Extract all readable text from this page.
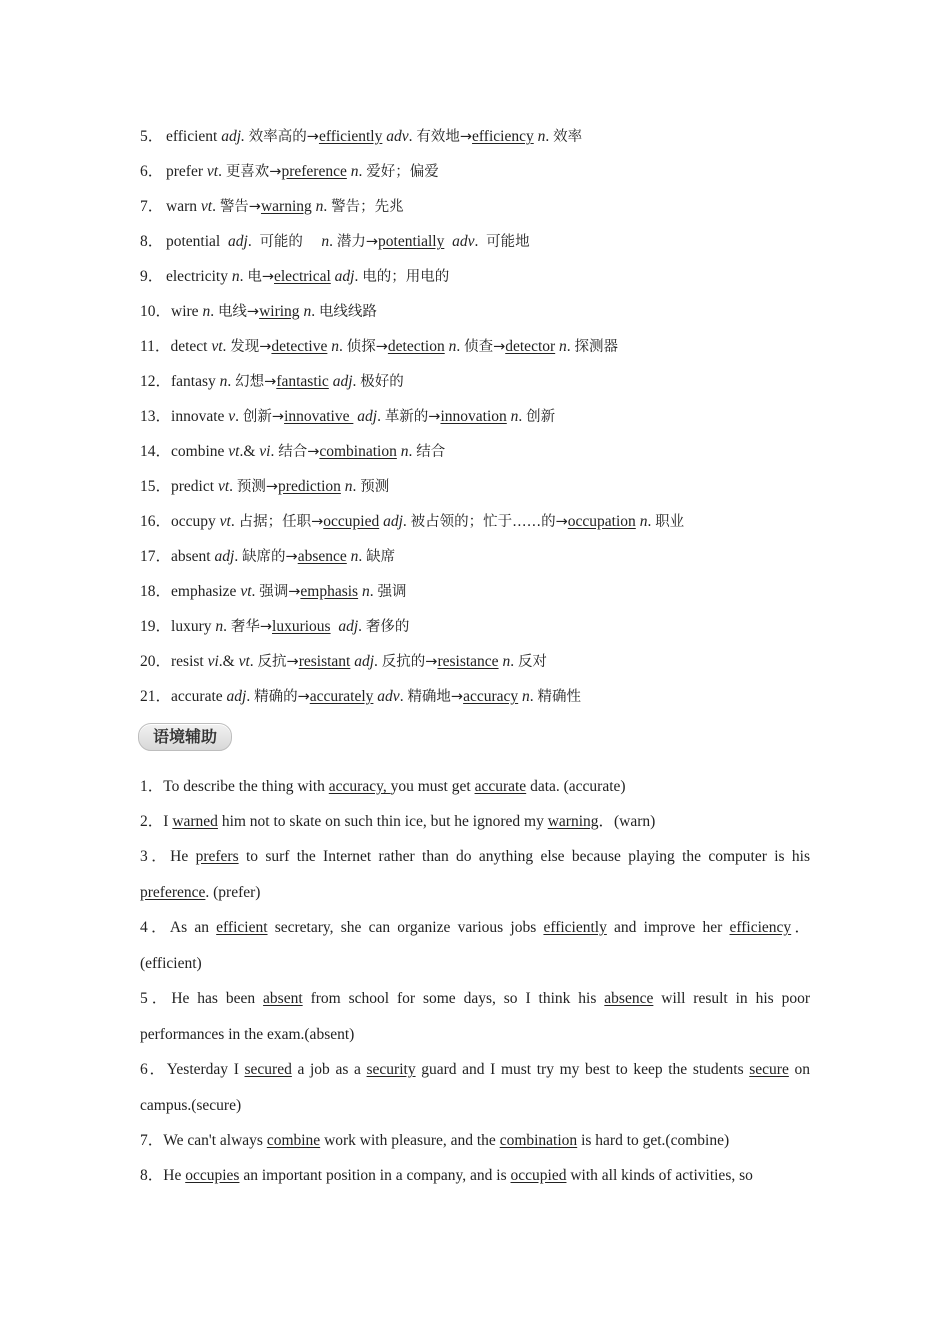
5． efficient adj. 效率高的→efficiently adv. 有效地→efficiency n. 效率
6． prefer vt. 更喜欢→preference n. 爱好；偏爱
7． warn vt. 警告→warning n. 警告；先兆
8． potential  adj.  可能的    n. 潜力→potentially adv.  可能地
9． electricity n. 电→electrical adj. 电的；用电的
10．wire n. 电线→wiring n. 电线线路
11．detect vt. 发现→detective n. 侦探→detection n. 侦查→detector n. 探测器
12．fantasy n. 幻想→fantastic adj. 极好的
13．innovate v. 创新→innovative  adj. 革新的→innovation n. 创新
14．combine vt.& vi. 结合→combination n. 结合
15．predict vt. 预测→prediction n. 预测
16．occupy vt. 占据；任职→occupied adj. 被占领的；忙于……的→occupation n. 职业
17．absent adj. 缺席的→absence n. 缺席
18．emphasize vt. 强调→emphasis n. 强调
19．luxury n. 奢华→luxurious adj. 奢侈的
20．resist vi.& vt. 反抗→resistant adj. 反抗的→resistance n. 反对
21．accurate adj. 精确的→accurately adv. 精确地→accuracy n. 精确性
语境辅助
1．To describe the thing with accuracy, you must get accurate data. (accurate)
2．I warned him not to skate on such thin ice, but he ignored my warning．(warn)
3．He prefers to surf the Internet rather than do anything else because playing the computer is his preference. (prefer)
4．As an efficient secretary, she can organize various jobs efficiently and improve her efficiency．(efficient)
5．He has been absent from school for some days, so I think his absence will result in his poor performances in the exam.(absent)
6．Yesterday I secured a job as a security guard and I must try my best to keep the students secure on campus.(secure)
7．We can't always combine work with pleasure, and the combination is hard to get.(combine)
8．He occupies an important position in a company, and is occupied with all kinds of activities, so
